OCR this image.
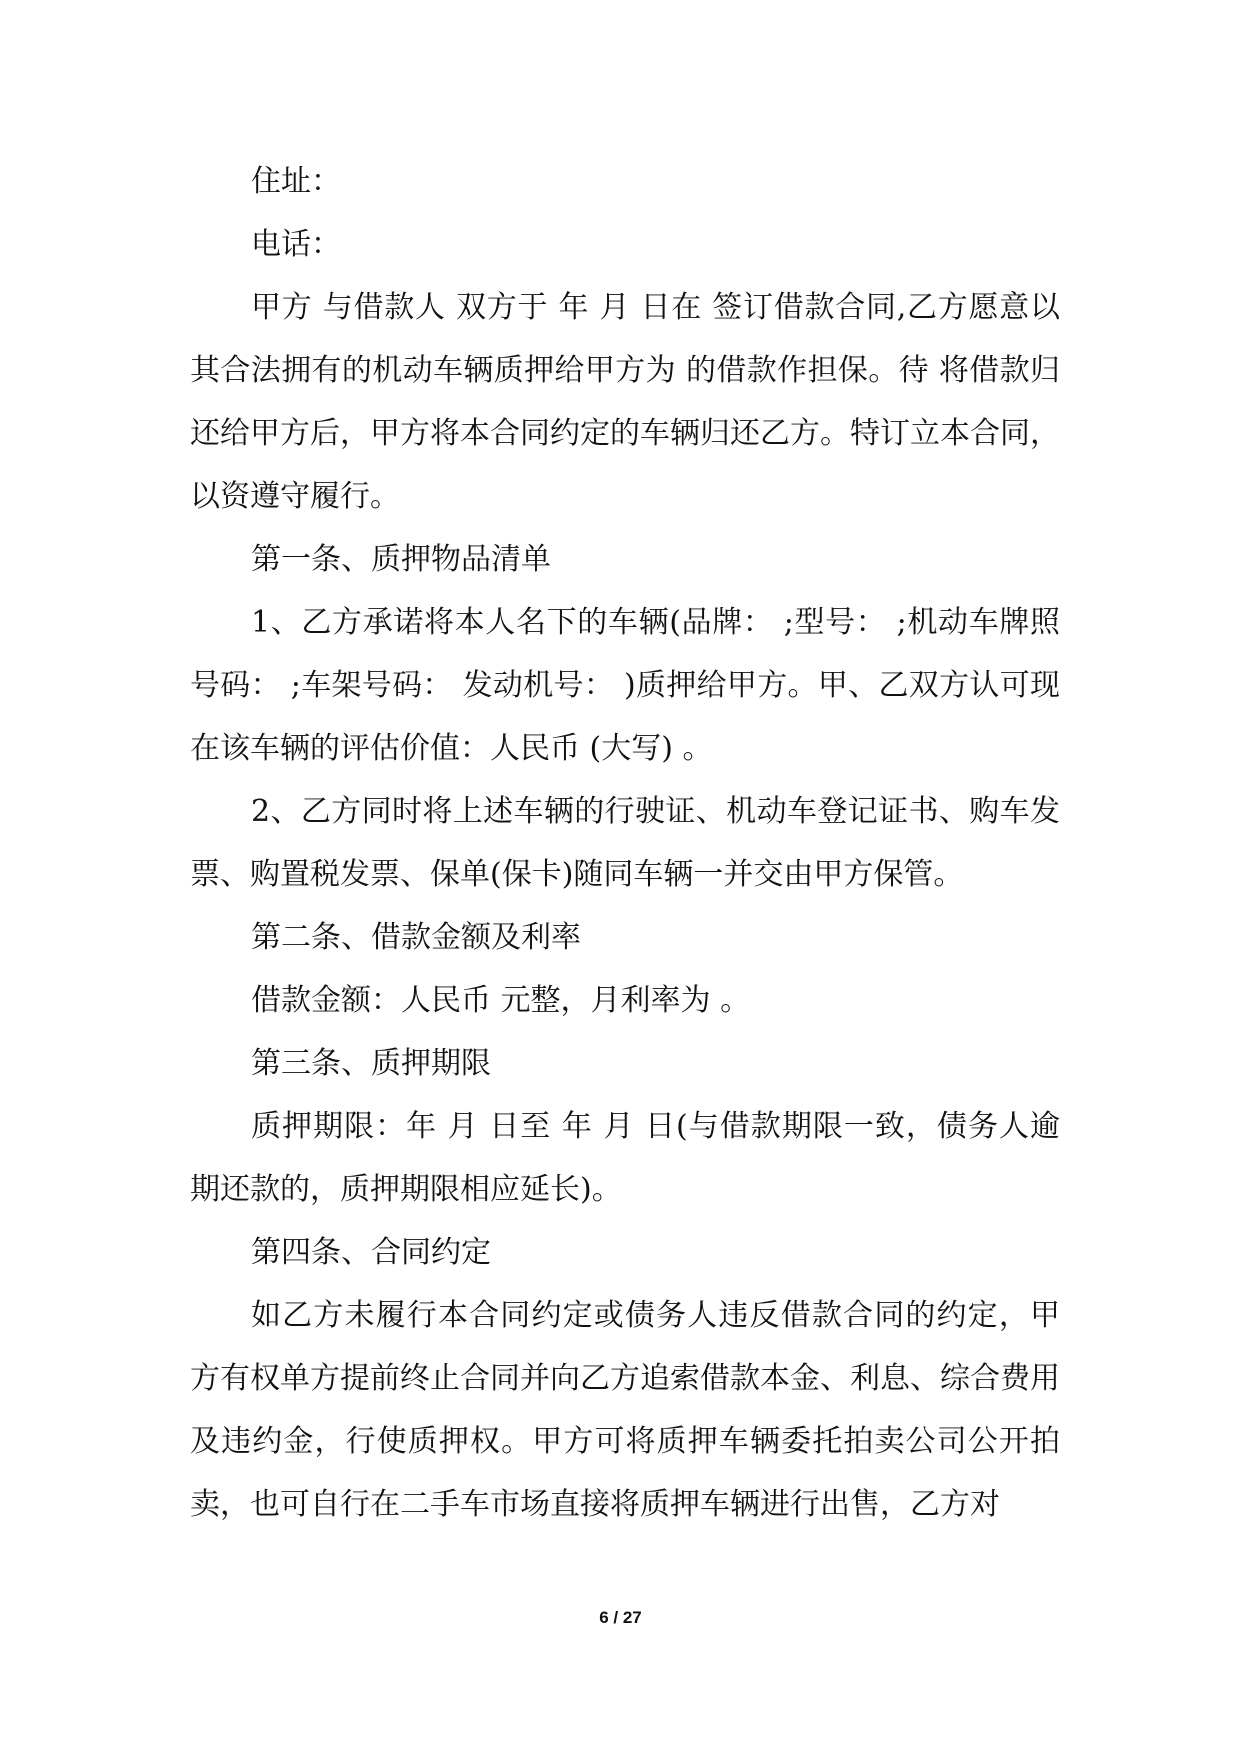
住址：

电话：

甲方 与借款人 双方于 年 月 日在 签订借款合同,乙方愿意以其合法拥有的机动车辆质押给甲方为 的借款作担保。待 将借款归还给甲方后，甲方将本合同约定的车辆归还乙方。特订立本合同，以资遵守履行。

第一条、质押物品清单

1、乙方承诺将本人名下的车辆(品牌： ;型号： ;机动车牌照号码： ;车架号码： 发动机号： )质押给甲方。甲、乙双方认可现在该车辆的评估价值：人民币 (大写) 。

2、乙方同时将上述车辆的行驶证、机动车登记证书、购车发票、购置税发票、保单(保卡)随同车辆一并交由甲方保管。

第二条、借款金额及利率

借款金额：人民币 元整，月利率为 。

第三条、质押期限

质押期限：年 月 日至 年 月 日(与借款期限一致，债务人逾期还款的，质押期限相应延长)。

第四条、合同约定

如乙方未履行本合同约定或债务人违反借款合同的约定，甲方有权单方提前终止合同并向乙方追索借款本金、利息、综合费用及违约金，行使质押权。甲方可将质押车辆委托拍卖公司公开拍卖，也可自行在二手车市场直接将质押车辆进行出售，乙方对

6 / 27
